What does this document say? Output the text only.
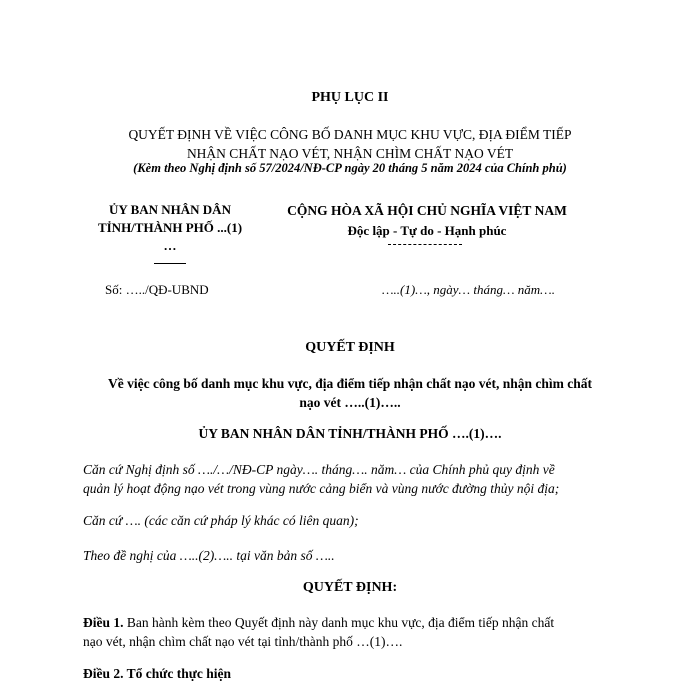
PHỤ LỤC II
QUYẾT ĐỊNH VỀ VIỆC CÔNG BỐ DANH MỤC KHU VỰC, ĐỊA ĐIỂM TIẾP
NHẬN CHẤT NẠO VÉT, NHẬN CHÌM CHẤT NẠO VÉT
(Kèm theo Nghị định số 57/2024/NĐ-CP ngày 20 tháng 5 năm 2024 của Chính phủ)
ỦY BAN NHÂN DÂN
TỈNH/THÀNH PHỐ ...(1)
…
CỘNG HÒA XÃ HỘI CHỦ NGHĨA VIỆT NAM
Độc lập - Tự do - Hạnh phúc
Số: …../QĐ-UBND	…..(1)…, ngày… tháng… năm….
QUYẾT ĐỊNH
Về việc công bố danh mục khu vực, địa điểm tiếp nhận chất nạo vét, nhận chìm chất
nạo vét …..(1)…..
ỦY BAN NHÂN DÂN TỈNH/THÀNH PHỐ ….(1)….
Căn cứ Nghị định số …./…/NĐ-CP ngày…. tháng…. năm… của Chính phủ quy định về
quản lý hoạt động nạo vét trong vùng nước cảng biển và vùng nước đường thủy nội địa;
Căn cứ …. (các căn cứ pháp lý khác có liên quan);
Theo đề nghị của …..(2)….. tại văn bản số …..
QUYẾT ĐỊNH:
Điều 1. Ban hành kèm theo Quyết định này danh mục khu vực, địa điểm tiếp nhận chất
nạo vét, nhận chìm chất nạo vét tại tỉnh/thành phố …(1)….
Điều 2. Tổ chức thực hiện
